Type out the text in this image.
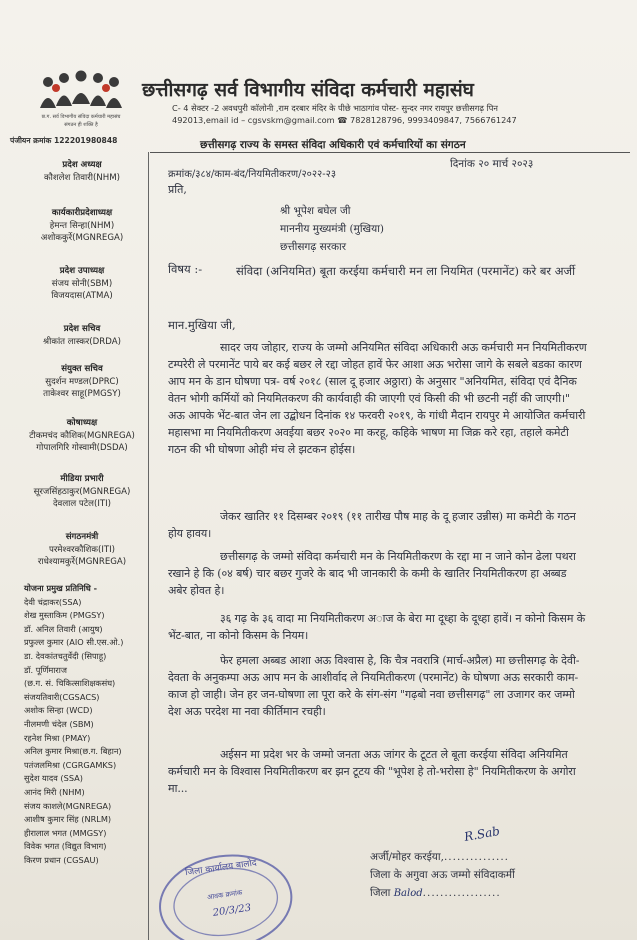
छ.ग. सर्व विभागीय संविदा कर्मचारी महासंघ
संगठन ही शक्ति है
छत्तीसगढ़ सर्व विभागीय संविदा कर्मचारी महासंघ
C- 4 सेक्टर -2 अवधपुरी कॉलोनी ,राम दरबार मंदिर के पीछे भाठागांव पोस्ट- सुन्दर नगर रायपुर छत्तीसगढ़ पिन
492013,email id – cgsvskm@gmail.com ☎ 7828128796, 9993409847, 7566761247
पंजीयन क्रमांक 122201980848	छत्तीसगढ़ राज्य के समस्त संविदा अधिकारी एवं कर्मचारियों का संगठन
प्रदेश अध्यक्ष
कौशलेश तिवारी(NHM)
कार्यकारीप्रदेशाध्यक्ष
हेमन्त सिन्हा(NHM)
अशोककुर्रे(MGNREGA)
प्रदेश उपाध्यक्ष
संजय सोनी(SBM)
विजयदास(ATMA)
प्रदेश सचिव
श्रीकांत लास्कर(DRDA)
संयुक्त सचिव
सुदर्शन मण्डल(DPRC)
ताकेश्वर साहू(PMGSY)
कोषाध्यक्ष
टीकमचंद कौशिक(MGNREGA)
गोपालगिरि गोस्वामी(DSDA)
मीडिया प्रभारी
सूरजसिंहठाकुर(MGNREGA)
देवलाल पटेल(ITI)
संगठनमंत्री
परमेश्वरकौशिक(ITI)
राधेश्यामकुर्रे(MGNREGA)
योजना प्रमुख प्रतिनिधि -
देवी चंद्राकर(SSA)
शेख मुस्ताकिम (PMGSY)
डॉ. अनिल तिवारी (आयुष)
प्रफुल्ल कुमार (AIO सी.एस.ओ.)
डा. देवकांतचतुर्वेदी (सिपाहू)
डॉ. पूर्णिमाराज
(छ.ग. सं. चिकित्साशिक्षकसंघ)
संजयतिवारी(CGSACS)
अशोक सिन्हा (WCD)
नीलमणी चंदेल (SBM)
रहनेश मिश्रा (PMAY)
अनिल कुमार मिश्रा(छ.ग. बिहान)
पतंजलमिश्रा (CGRGAMKS)
सुदेश यादव (SSA)
आनंद मिरी (NHM)
संजय काशले(MGNREGA)
आशीष कुमार सिंह (NRLM)
हीरालाल भगत (MMGSY)
विवेक भगत (विद्युत विभाग)
किरण प्रधान (CGSAU)
क्रमांक/३८४/काम-बंद/नियमितीकरण/२०२२-२३
दिनांक २० मार्च २०२३
प्रति,
श्री भूपेश बघेल जी
माननीय मुख्यमंत्री (मुखिया)
छत्तीसगढ़ सरकार
विषय :-	संविदा (अनियमित) बूता करईया कर्मचारी मन ला नियमित (परमानेंट) करे बर अर्जी
मान.मुखिया जी,
सादर जय जोहार, राज्य के जम्मो अनियमित संविदा अधिकारी अऊ कर्मचारी मन नियमितीकरण टम्परेरी ले परमानेंट पाये बर कई बछर ले रद्दा जोहत हावें फेर आशा अऊ भरोसा जागे के सबले बडका कारण आप मन के डान घोषणा पत्र- वर्ष २०१८ (साल दू हजार अठ्ठारा) के अनुसार "अनियमित, संविदा एवं दैनिक वेतन भोगी कर्मियों को नियमितकरण की कार्यवाही की जाएगी एवं किसी की भी छटनी नहीं की जाएगी।" अऊ आपके भेंट-बात जेन ला उद्बोधन दिनांक १४ फरवरी २०१९, के गांधी मैदान रायपुर मे आयोजित कर्मचारी महासभा मा नियमितीकरण अवईया बछर २०२० मा करहू, कहिके भाषण मा जिक्र करे रहा, तहाले कमेटी गठन की भी घोषणा ओही मंच ले झटकन होईस।
जेकर खातिर ११ दिसम्बर २०१९ (११ तारीख पौष माह के दू हजार उन्नीस) मा कमेटी के गठन होय हावय।
छत्तीसगढ़ के जम्मो संविदा कर्मचारी मन के नियमितीकरण के रद्दा मा न जाने कोन ढेला पथरा रखाने हे कि (०४ बर्ष) चार बछर गुजरे के बाद भी जानकारी के कमी के खातिर नियमितीकरण हा अब्बड अबेर होवत हे।
३६ गढ़ के ३६ वादा मा नियमितीकरण अाज के बेरा मा दूध्हा के दूध्हा हावें। न कोनो किसम के भेंट-बात, ना कोनो किसम के नियम।
फेर हमला अब्बड आशा अऊ विश्वास हे, कि चैत्र नवरात्रि (मार्च-अप्रैल) मा छत्तीसगढ़ के देवी-देवता के अनुकम्पा अऊ आप मन के आशीर्वाद ले नियमितीकरण (परमानेंट) के घोषणा अऊ सरकारी काम-काज हो जाही। जेन हर जन-घोषणा ला पूरा करे के संग-संग "गढ़बो नवा छत्तीसगढ़" ला उजागर कर जम्मो देश अऊ परदेश मा नवा कीर्तिमान रचही।
अईसन मा प्रदेश भर के जम्मो जनता अऊ जांगर के टूटत ले बूता करईया संविदा अनियमित कर्मचारी मन के विश्वास नियमितीकरण बर झन टूटय की "भूपेश हे तो-भरोसा हे" नियमितीकरण के अगोरा मा...
R.Sab
अर्जी/मोहर करईया,...............
जिला के अगुवा अऊ जम्मो संविदाकर्मी
जिला Balod..................
जिला कार्यालय बालोद
आवक क्रमांक
20/3/23
